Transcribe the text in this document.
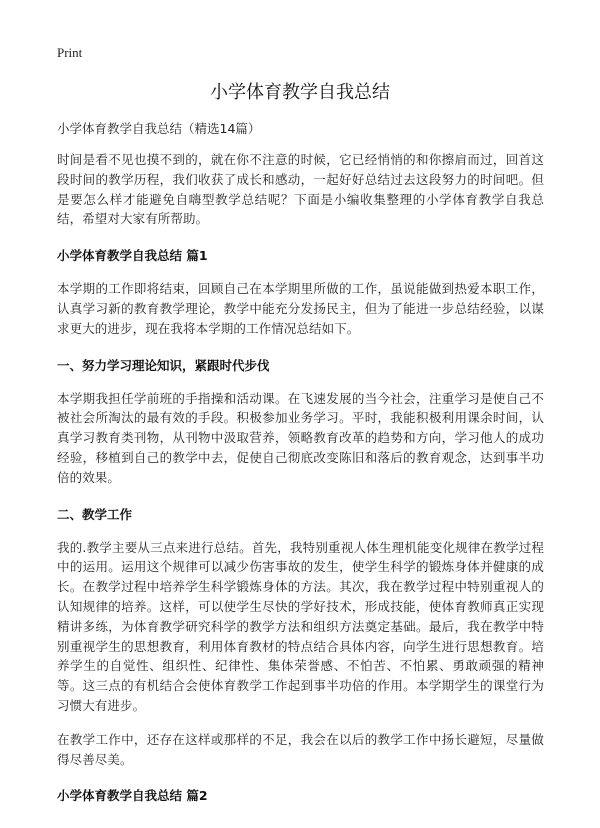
Print
小学体育教学自我总结

小学体育教学自我总结（精选14篇）

时间是看不见也摸不到的，就在你不注意的时候，它已经悄悄的和你擦肩而过，回首这段时间的教学历程，我们收获了成长和感动，一起好好总结过去这段努力的时间吧。但是要怎么样才能避免自嗨型教学总结呢？下面是小编收集整理的小学体育教学自我总结，希望对大家有所帮助。

小学体育教学自我总结 篇1

本学期的工作即将结束，回顾自己在本学期里所做的工作，虽说能做到热爱本职工作，认真学习新的教育教学理论，教学中能充分发扬民主，但为了能进一步总结经验，以谋求更大的进步，现在我将本学期的工作情况总结如下。

一、努力学习理论知识，紧跟时代步伐

本学期我担任学前班的手指操和活动课。在飞速发展的当今社会，注重学习是使自己不被社会所淘汰的最有效的手段。积极参加业务学习。平时，我能积极利用课余时间，认真学习教育类刊物，从刊物中汲取营养，领略教育改革的趋势和方向，学习他人的成功经验，移植到自己的教学中去，促使自己彻底改变陈旧和落后的教育观念，达到事半功倍的效果。

二、教学工作

我的.教学主要从三点来进行总结。首先，我特别重视人体生理机能变化规律在教学过程中的运用。运用这个规律可以减少伤害事故的发生，使学生科学的锻炼身体并健康的成长。在教学过程中培养学生科学锻炼身体的方法。其次，我在教学过程中特别重视人的认知规律的培养。这样，可以使学生尽快的学好技术，形成技能，使体育教师真正实现精讲多练，为体育教学研究科学的教学方法和组织方法奠定基础。最后，我在教学中特别重视学生的思想教育，利用体育教材的特点结合具体内容，向学生进行思想教育。培养学生的自觉性、组织性、纪律性、集体荣誉感、不怕苦、不怕累、勇敢顽强的精神等。这三点的有机结合会使体育教学工作起到事半功倍的作用。本学期学生的课堂行为习惯大有进步。

在教学工作中，还存在这样或那样的不足，我会在以后的教学工作中扬长避短，尽量做得尽善尽美。

小学体育教学自我总结 篇2
